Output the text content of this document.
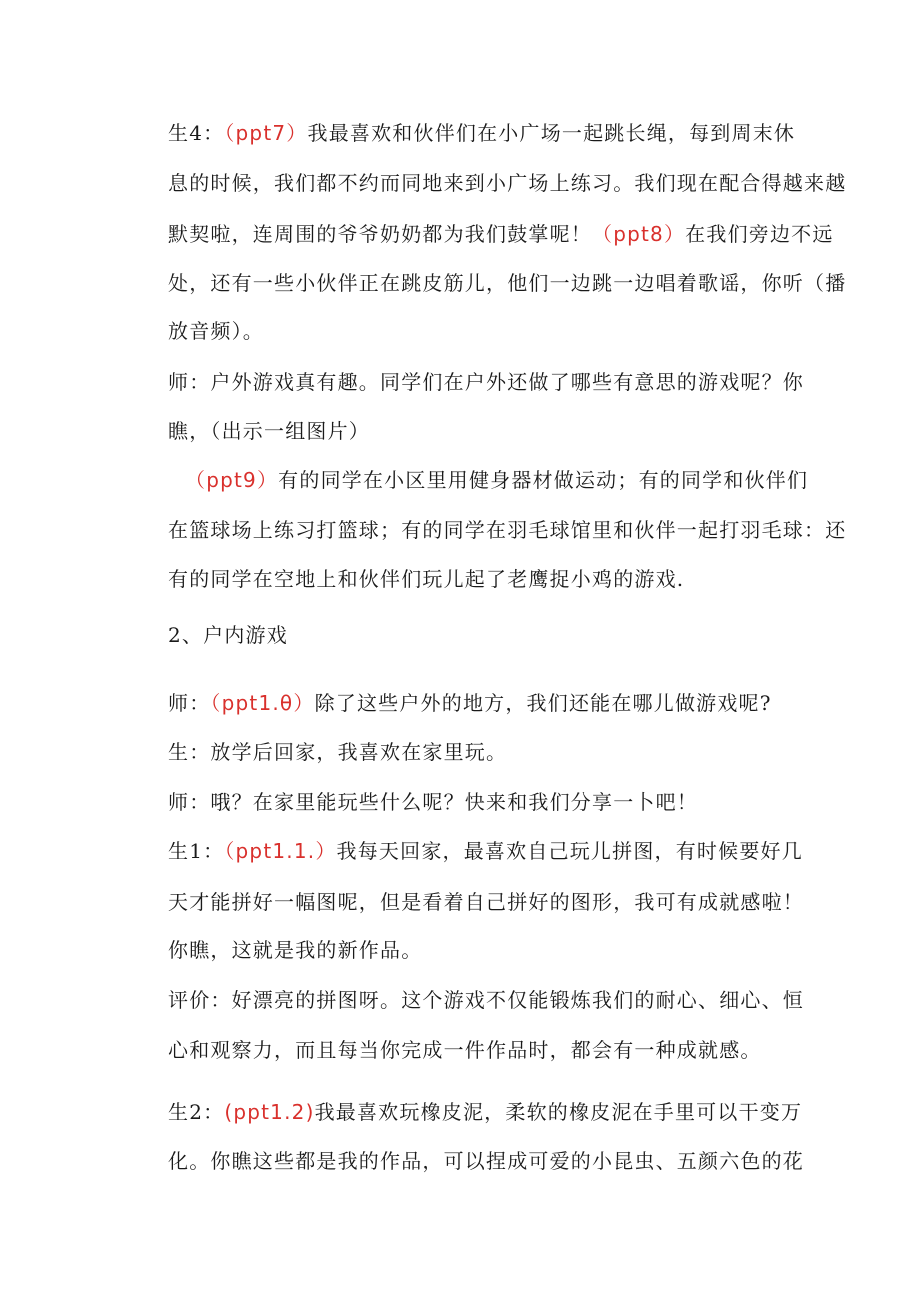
生4：（ppt7）我最喜欢和伙伴们在小广场一起跳长绳，每到周末休
息的时候，我们都不约而同地来到小广场上练习。我们现在配合得越来越
默契啦，连周围的爷爷奶奶都为我们鼓掌呢！（ppt8）在我们旁边不远
处，还有一些小伙伴正在跳皮筋儿，他们一边跳一边唱着歌谣，你听（播
放音频）。
师：户外游戏真有趣。同学们在户外还做了哪些有意思的游戏呢？你
瞧，（出示一组图片）
（ppt9）有的同学在小区里用健身器材做运动；有的同学和伙伴们
在篮球场上练习打篮球；有的同学在羽毛球馆里和伙伴一起打羽毛球：还
有的同学在空地上和伙伴们玩儿起了老鹰捉小鸡的游戏.
2、户内游戏
师：（ppt1.θ）除了这些户外的地方，我们还能在哪儿做游戏呢?
生：放学后回家，我喜欢在家里玩。
师：哦？在家里能玩些什么呢？快来和我们分享一卜吧！
生1：（ppt1.1.）我每天回家，最喜欢自己玩儿拼图，有时候要好几
天才能拼好一幅图呢，但是看着自己拼好的图形，我可有成就感啦！
你瞧，这就是我的新作品。
评价：好漂亮的拼图呀。这个游戏不仅能锻炼我们的耐心、细心、恒
心和观察力，而且每当你完成一件作品时，都会有一种成就感。
生2：(ppt1.2)我最喜欢玩橡皮泥，柔软的橡皮泥在手里可以干变万
化。你瞧这些都是我的作品，可以捏成可爱的小昆虫、五颜六色的花
